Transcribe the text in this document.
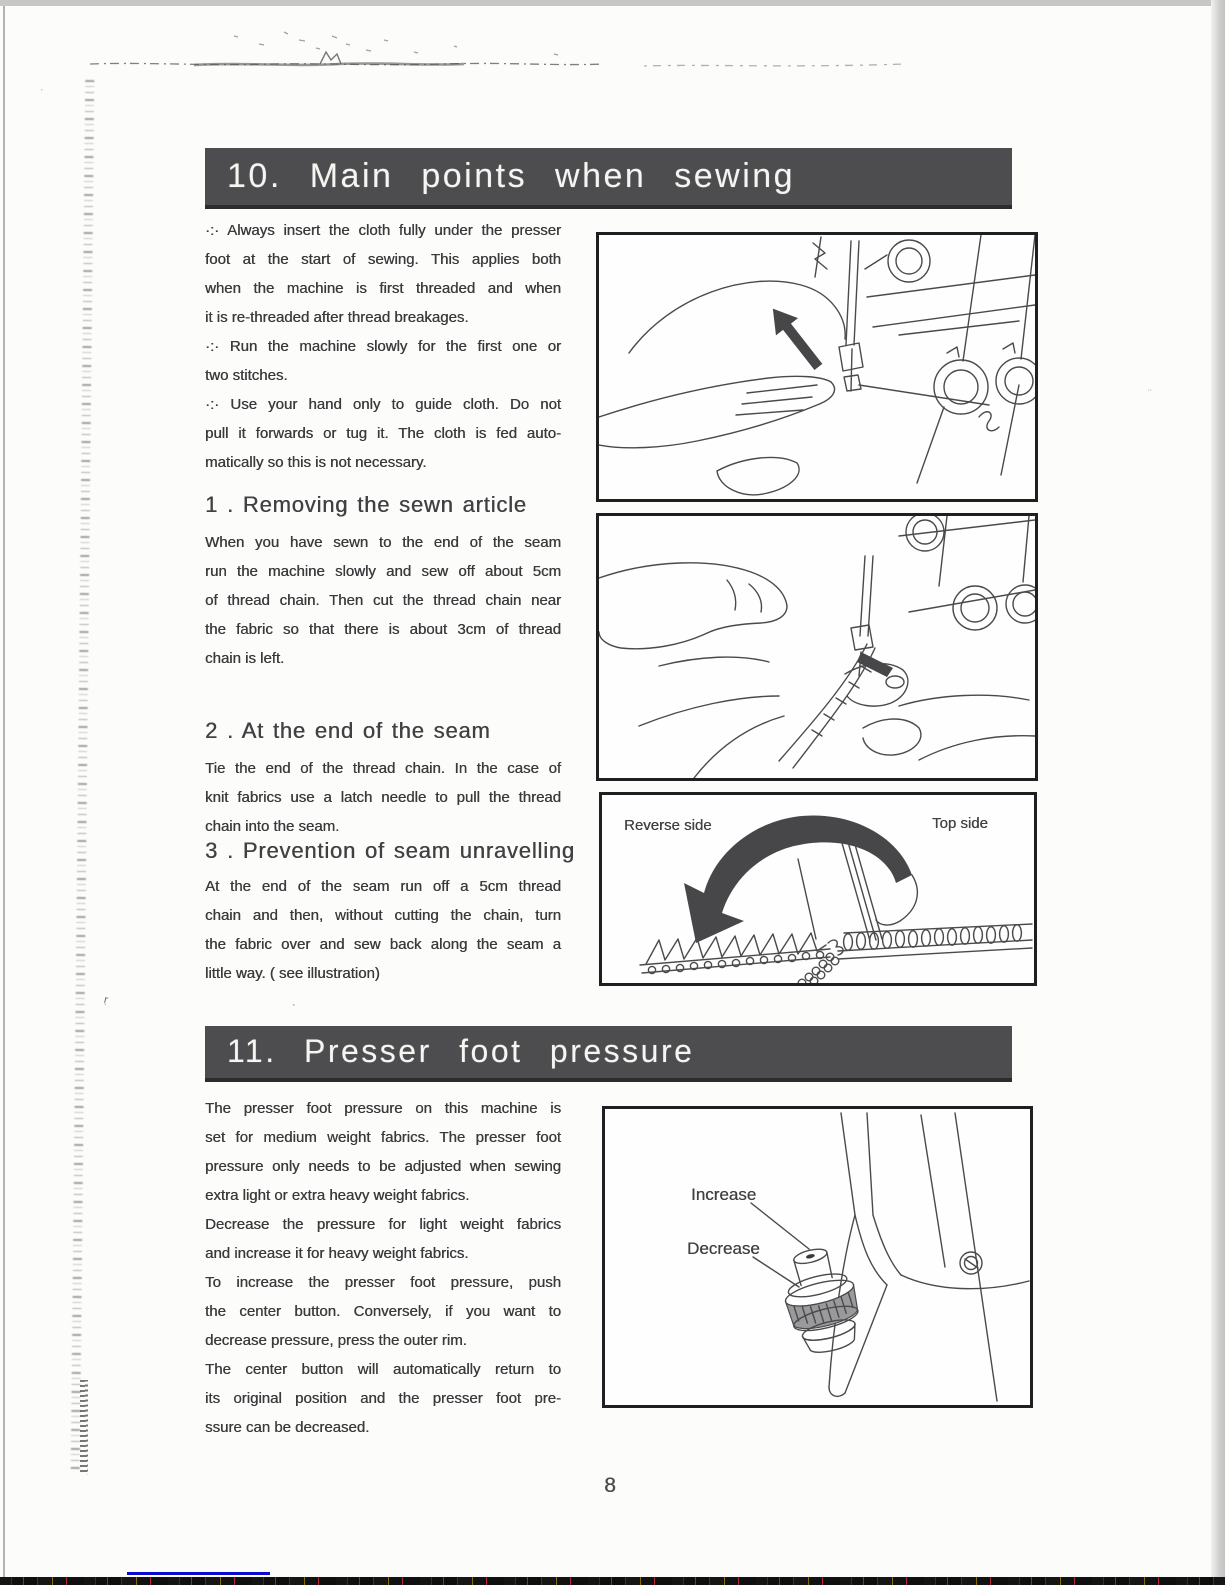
ṛ	·
·
¨
10. Main points when sewing
·:· Always insert the cloth fully under the presser
foot at the start of sewing. This applies both
when the machine is first threaded and when
it is re-threaded after thread breakages.
·:· Run the machine slowly for the first one or
two stitches.
·:· Use your hand only to guide cloth. Do not
pull it forwards or tug it. The cloth is fed auto-
matically so this is not necessary.
1 . Removing the sewn article
When you have sewn to the end of the seam
run the machine slowly and sew off about 5cm
of thread chain. Then cut the thread chain near
the fabric so that there is about 3cm of thread
chain is left.
2 . At the end of the seam
Tie the end of the thread chain. In the case of
knit fabrics use a latch needle to pull the thread
chain into the seam.
3 . Prevention of seam unravelling
At the end of the seam run off a 5cm thread
chain and then, without cutting the chain, turn
the fabric over and sew back along the seam a
little way. ( see illustration)
11. Presser foot pressure
The presser foot pressure on this machine is
set for medium weight fabrics. The presser foot
pressure only needs to be adjusted when sewing
extra light or extra heavy weight fabrics.
Decrease the pressure for light weight fabrics
and increase it for heavy weight fabrics.
To increase the presser foot pressure, push
the center button. Conversely, if you want to
decrease pressure, press the outer rim.
The center button will automatically return to
its original position and the presser foot pre-
ssure can be decreased.
Reverse side	Top side
Increase
Decrease
8
